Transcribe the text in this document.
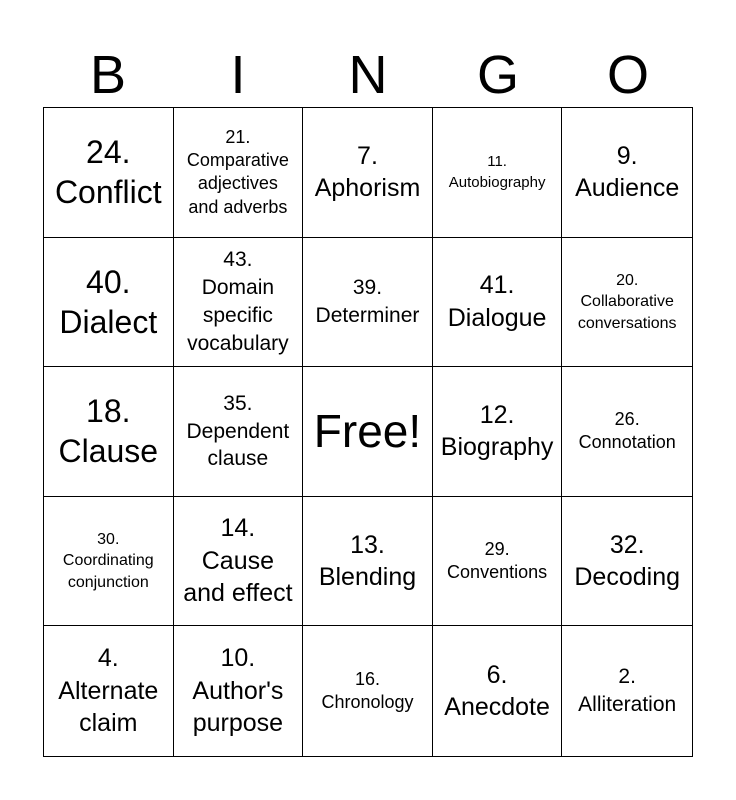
B	I	N	G	O
24.
Conflict
21.
Comparative
adjectives
and adverbs
7.
Aphorism
11.
Autobiography
9.
Audience
40.
Dialect
43.
Domain
specific
vocabulary
39.
Determiner
41.
Dialogue
20.
Collaborative
conversations
18.
Clause
35.
Dependent
clause
Free!	12.
Biography
26.
Connotation
30.
Coordinating
conjunction
14.
Cause
and effect
13.
Blending
29.
Conventions
32.
Decoding
4.
Alternate
claim
10.
Author's
purpose
16.
Chronology
6.
Anecdote
2.
Alliteration
